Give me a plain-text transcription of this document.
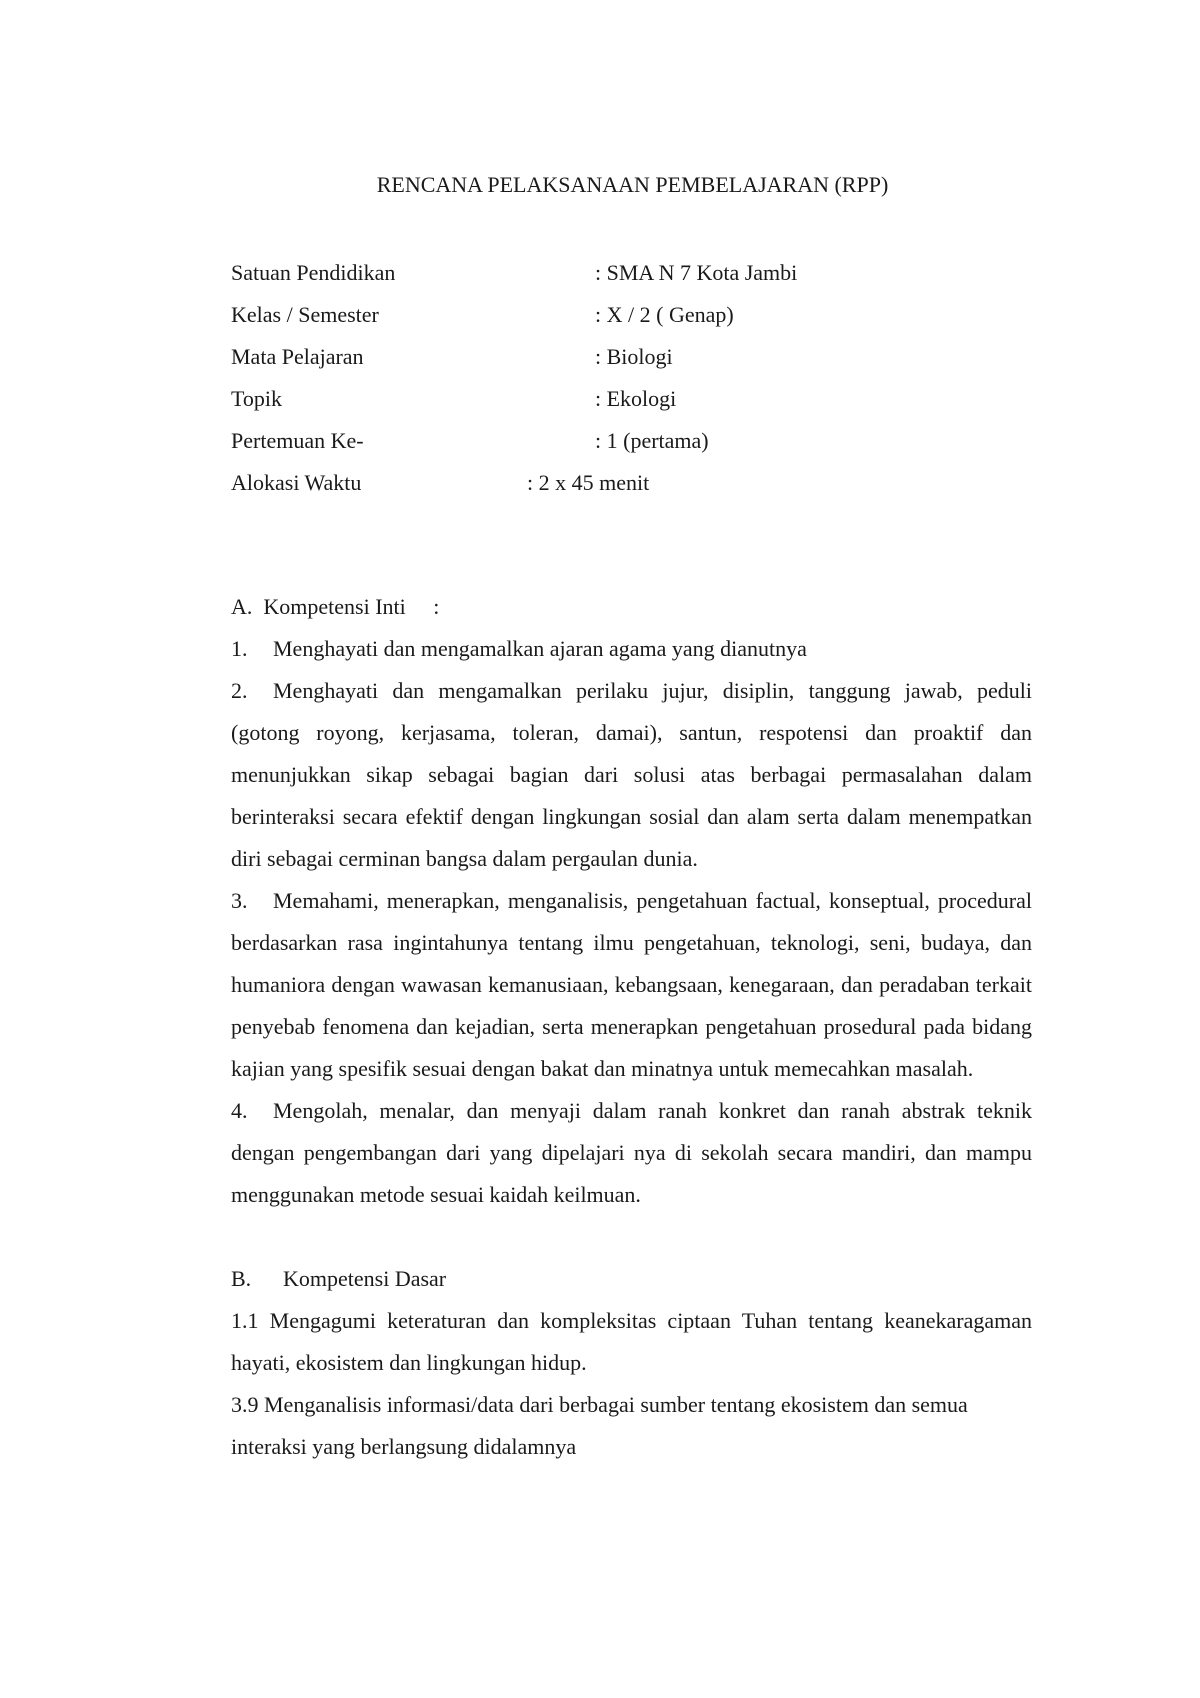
RENCANA PELAKSANAAN PEMBELAJARAN (RPP)
Satuan Pendidikan	: SMA N 7 Kota Jambi
Kelas / Semester	: X / 2 ( Genap)
Mata Pelajaran	: Biologi
Topik	: Ekologi
Pertemuan Ke-	: 1 (pertama)
Alokasi Waktu	: 2 x 45 menit
A.  Kompetensi Inti     :

1. Menghayati dan mengamalkan ajaran agama yang dianutnya

2. Menghayati dan mengamalkan perilaku jujur, disiplin, tanggung jawab, peduli (gotong royong, kerjasama, toleran, damai), santun, respotensi dan proaktif dan menunjukkan sikap sebagai bagian dari solusi atas berbagai permasalahan dalam berinteraksi secara efektif dengan lingkungan sosial dan alam serta dalam menempatkan diri sebagai cerminan bangsa dalam pergaulan dunia.

3. Memahami, menerapkan, menganalisis, pengetahuan factual, konseptual, procedural berdasarkan rasa ingintahunya tentang ilmu pengetahuan, teknologi, seni, budaya, dan humaniora dengan wawasan kemanusiaan, kebangsaan, kenegaraan, dan peradaban terkait penyebab fenomena dan kejadian, serta menerapkan pengetahuan prosedural pada bidang kajian yang spesifik sesuai dengan bakat dan minatnya untuk memecahkan masalah.

4. Mengolah, menalar, dan menyaji dalam ranah konkret dan ranah abstrak teknik dengan pengembangan dari yang dipelajari nya di sekolah secara mandiri, dan mampu menggunakan metode sesuai kaidah keilmuan.

B. Kompetensi Dasar

1.1 Mengagumi keteraturan dan kompleksitas ciptaan Tuhan tentang keanekaragaman hayati, ekosistem dan lingkungan hidup.

3.9 Menganalisis informasi/data dari berbagai sumber tentang ekosistem dan semua interaksi yang berlangsung didalamnya
